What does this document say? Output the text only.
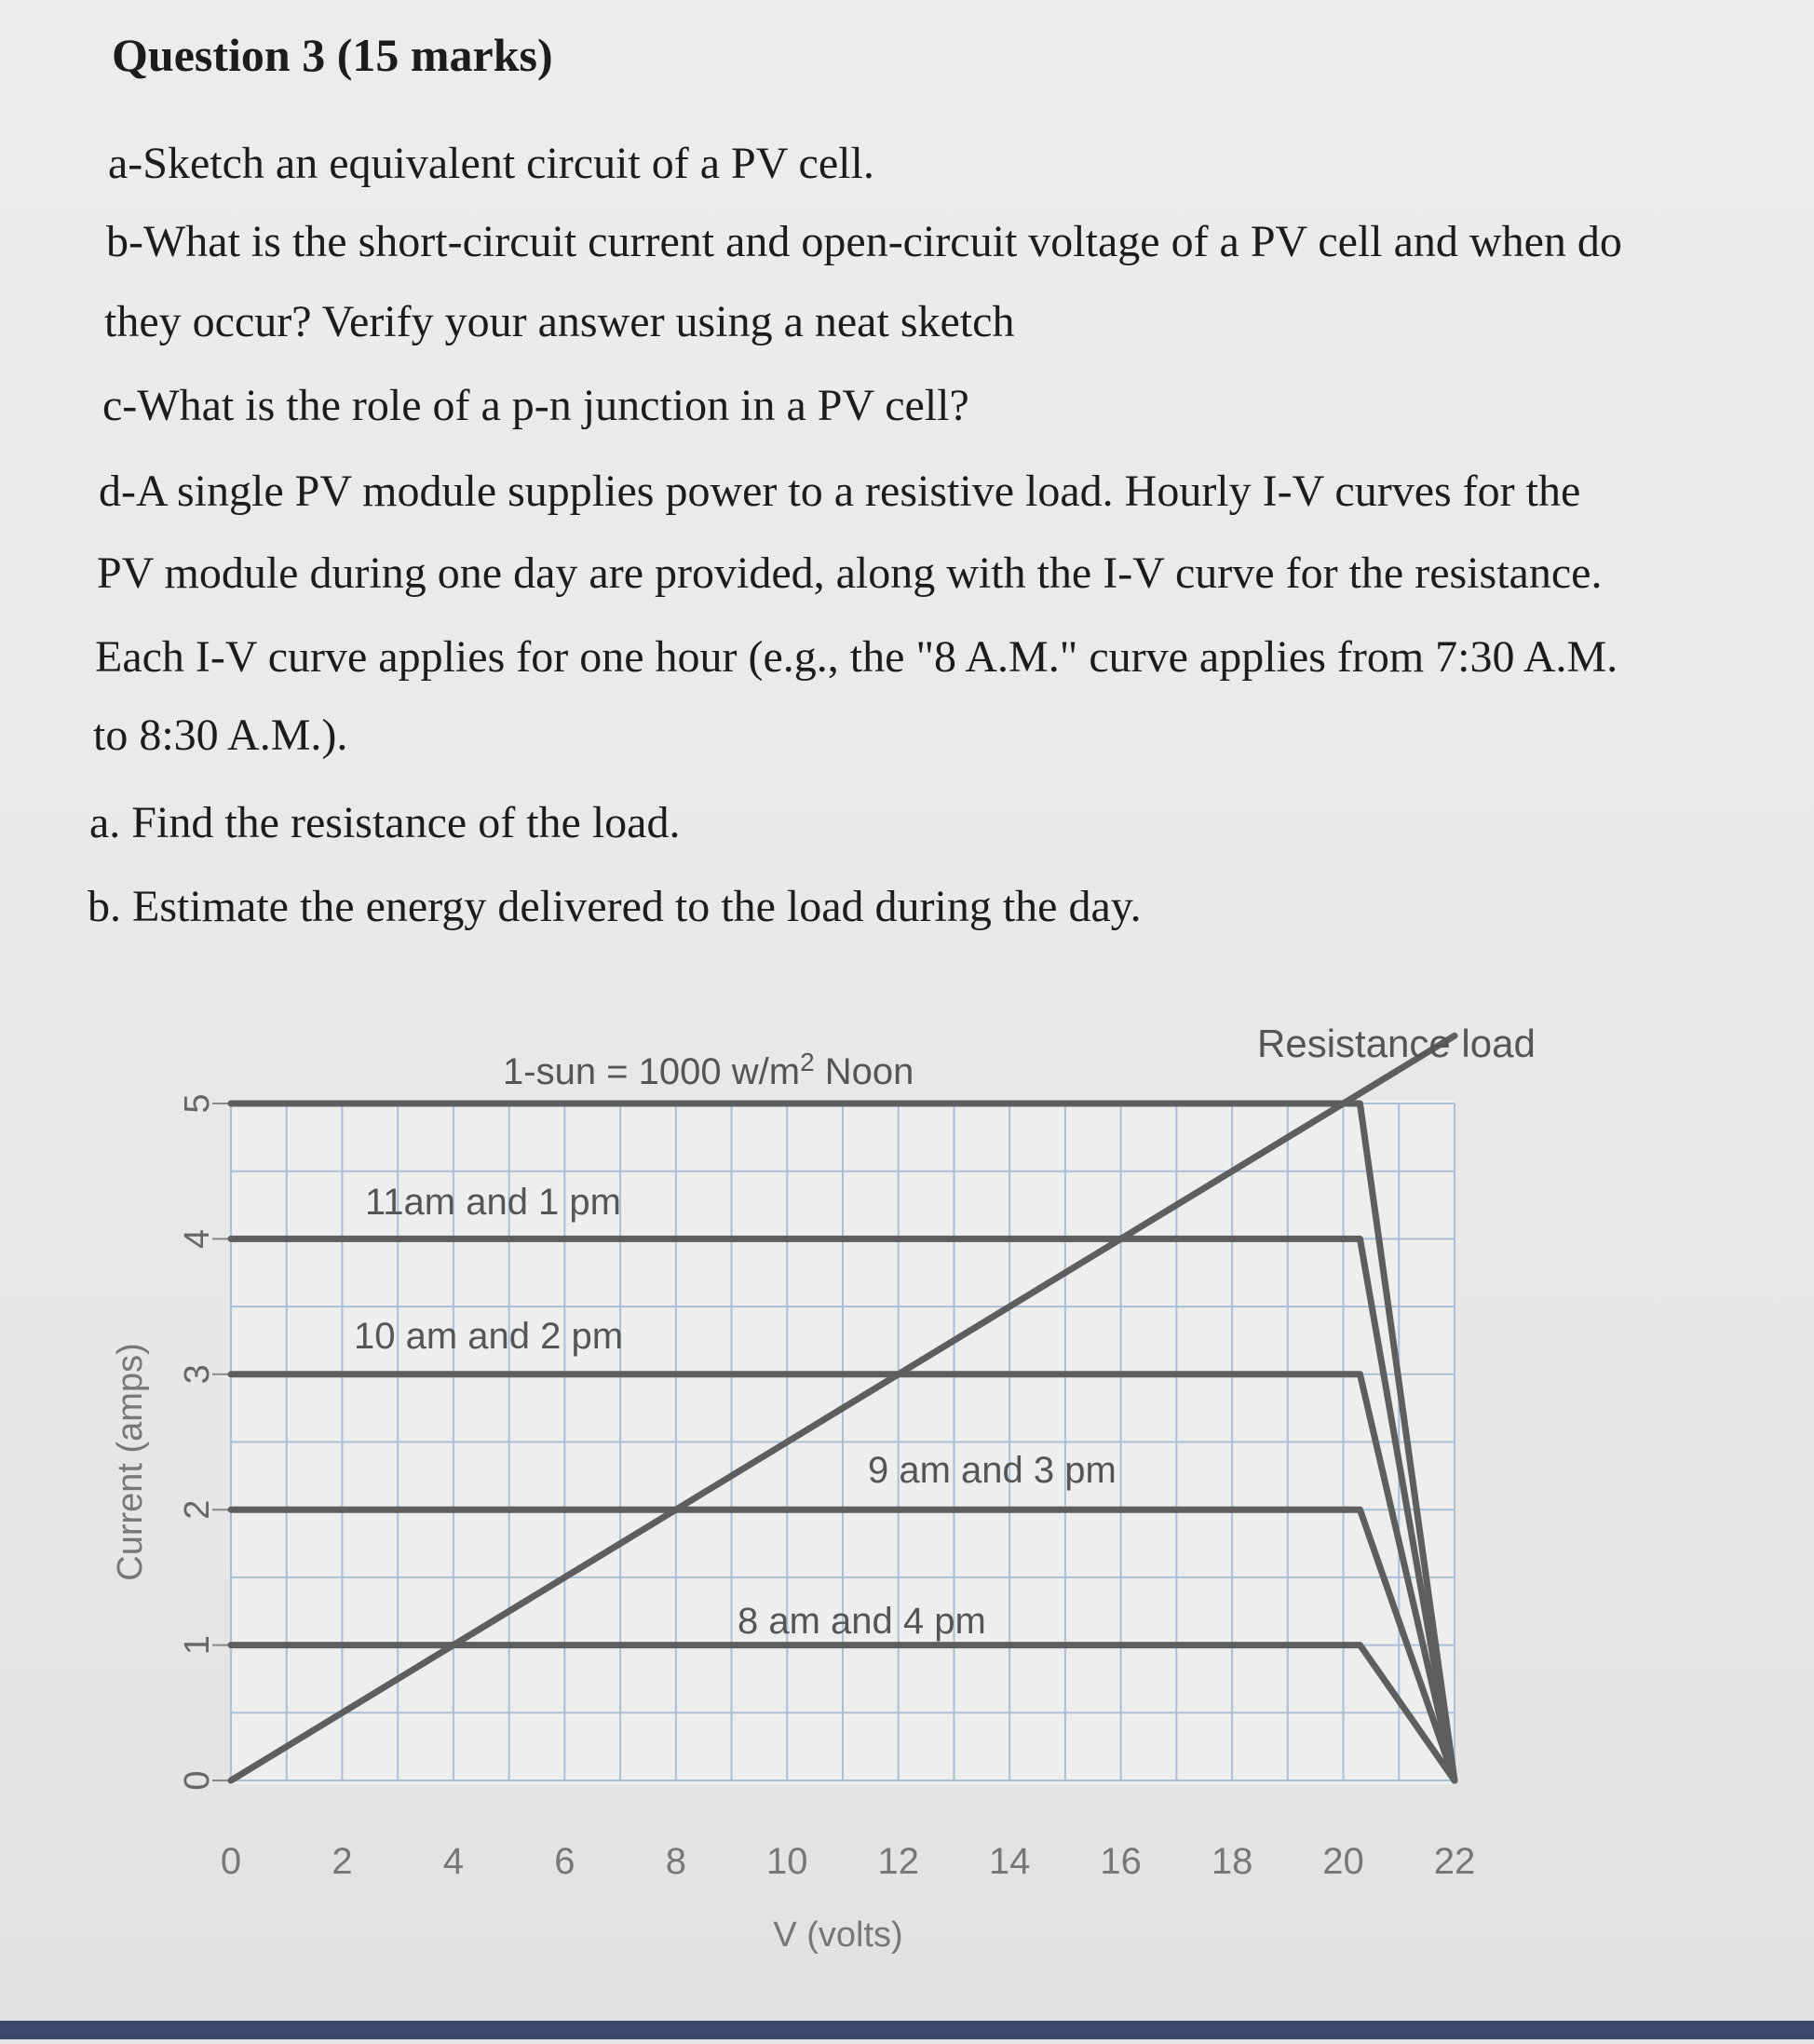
Question 3 (15 marks)
a-Sketch an equivalent circuit of a PV cell.
b-What is the short-circuit current and open-circuit voltage of a PV cell and when do
they occur? Verify your answer using a neat sketch
c-What is the role of a p-n junction in a PV cell?
d-A single PV module supplies power to a resistive load. Hourly I-V curves for the
PV module during one day are provided, along with the I-V curve for the resistance.
Each I-V curve applies for one hour (e.g., the "8 A.M." curve applies from 7:30 A.M.
to 8:30 A.M.).
a. Find the resistance of the load.
b. Estimate the energy delivered to the load during the day.
0
1
2
3
4
5
0 2 4 6 8 10 12 14 16 18 20 22
Current (amps)
V (volts)
1-sun = 1000 $w/m^2$ Noon
11am and 1 pm
10 am and 2 pm
9 am and 3 pm
8 am and 4 pm
Resistance load
